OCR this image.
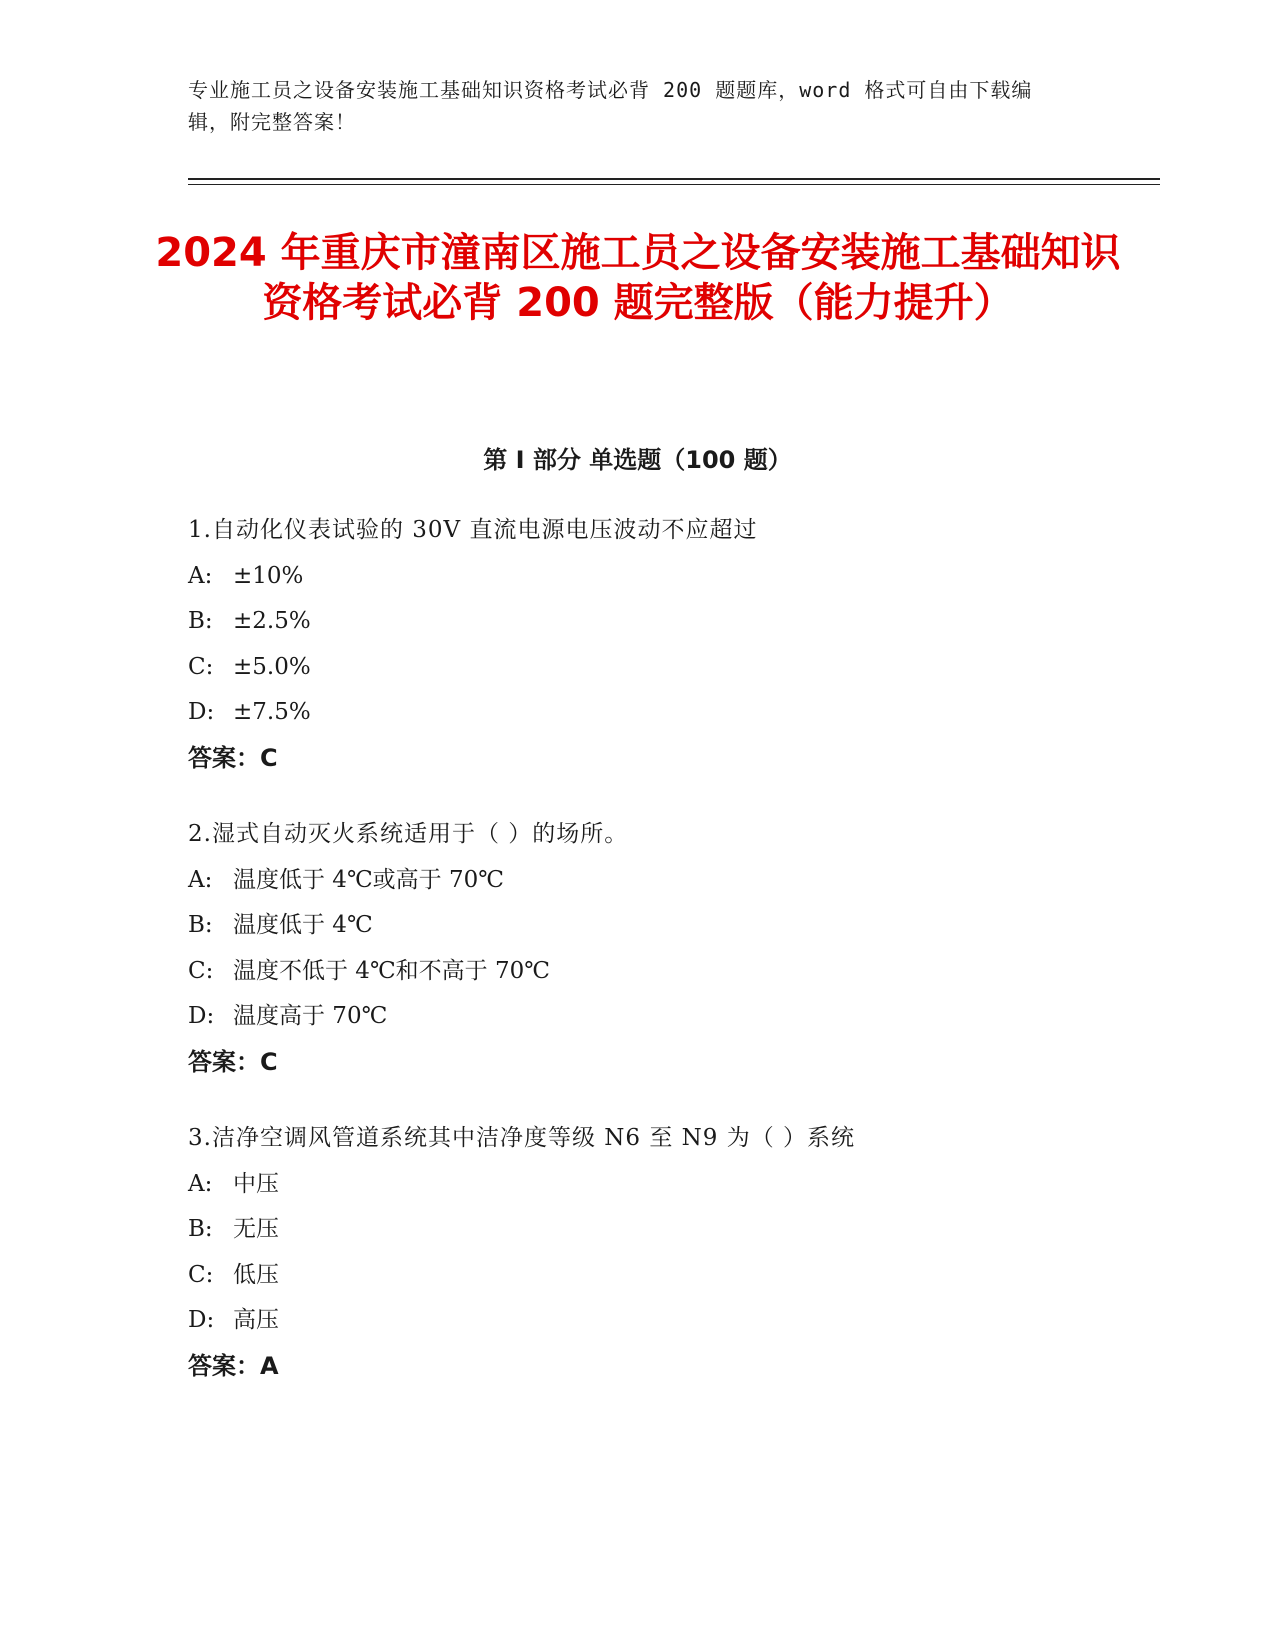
专业施工员之设备安装施工基础知识资格考试必背 200 题题库，word 格式可自由下载编辑，附完整答案！
2024 年重庆市潼南区施工员之设备安装施工基础知识资格考试必背 200 题完整版（能力提升）
第 I 部分 单选题（100 题）
1.自动化仪表试验的 30V 直流电源电压波动不应超过
A: ±10%
B: ±2.5%
C: ±5.0%
D: ±7.5%
答案：C
2.湿式自动灭火系统适用于（ ）的场所。
A: 温度低于 4℃或高于 70℃
B: 温度低于 4℃
C: 温度不低于 4℃和不高于 70℃
D: 温度高于 70℃
答案：C
3.洁净空调风管道系统其中洁净度等级 N6 至 N9 为（ ）系统
A: 中压
B: 无压
C: 低压
D: 高压
答案：A
